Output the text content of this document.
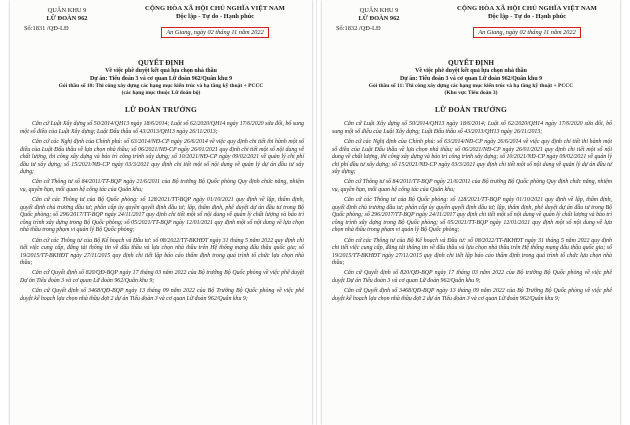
QUÂN KHU 9
LỮ ĐOÀN 962
Số:1831 /QĐ-LĐ
CỘNG HÒA XÃ HỘI CHỦ NGHĨA VIỆT NAM
Độc lập - Tự do - Hạnh phúc
An Giang, ngày 02 tháng 11 năm 2022
QUYẾT ĐỊNH
Về việc phê duyệt kết quả lựa chọn nhà thầu
Dự án: Tiểu đoàn 3 và cơ quan Lữ đoàn 962/Quân khu 9
Gói thầu số 10: Thi công xây dựng các hạng mục kiến trúc và hạ tầng kỹ thuật + PCCC
(các hạng mục thuộc Lữ đoàn bộ)
LỮ ĐOÀN TRƯỞNG

Căn cứ Luật Xây dựng số 50/2014/QH13 ngày 18/6/2014; Luật số 62/2020/QH14 ngày 17/6/2020 sửa đổi, bổ sung một số điều của Luật Xây dựng; Luật Đấu thầu số 43/2013/QH13 ngày 26/11/2013;

Căn cứ các Nghị định của Chính phủ: số 63/2014/NĐ-CP ngày 26/6/2014 về việc quy định chi tiết thi hành một số điều của Luật Đấu thầu về lựa chọn nhà thầu; số 06/2021/NĐ-CP ngày 26/01/2021 quy định chi tiết một số nội dung về chất lượng, thi công xây dựng và bảo trì công trình xây dựng; số 10/2021/NĐ-CP ngày 09/02/2021 về quản lý chi phí đầu tư xây dựng; số 15/2021/NĐ-CP ngày 03/3/2021 quy định chi tiết một số nội dung về quản lý dự án đầu tư xây dựng;

Căn cứ Thông tư số 84/2011/TT-BQP ngày 21/6/2011 của Bộ trưởng Bộ Quốc phòng Quy định chức năng, nhiệm vụ, quyền hạn, mối quan hệ công tác của Quân khu;

Căn cứ các Thông tư của Bộ Quốc phòng: số 128/2021/TT-BQP ngày 01/10/2021 quy định về lập, thẩm định, quyết định chủ trương đầu tư; phân cấp ủy quyền quyết định đầu tư; lập, thẩm định, phê duyệt dự án đầu tư trong Bộ Quốc phòng; số 296/2017/TT-BQP ngày 24/11/2017 quy định chi tiết một số nội dung về quản lý chất lượng và bảo trì công trình xây dựng trong Bộ Quốc phòng; số 05/2021/TT-BQP ngày 12/01/2021 quy định một số nội dung về lựa chọn nhà thầu trong phạm vi quản lý Bộ Quốc phòng;

Căn cứ các Thông tư của Bộ Kế hoạch và Đầu tư: số 08/2022/TT-BKHĐT ngày 31 tháng 5 năm 2022 quy định chi tiết việc cung cấp, đăng tải thông tin về đấu thầu và lựa chọn nhà thầu trên Hệ thống mạng đấu thầu quốc gia; số 19/2015/TT-BKHĐT ngày 27/11/2015 quy định chi tiết lập báo cáo thẩm định trong quá trình tổ chức lựa chọn nhà thầu;

Căn cứ Quyết định số 820/QĐ-BQP ngày 17 tháng 03 năm 2022 của Bộ trưởng Bộ Quốc phòng về việc phê duyệt Dự án Tiểu đoàn 3 và cơ quan Lữ đoàn 962/Quân khu 9;

Căn cứ Quyết định số 3468/QĐ-BQP ngày 13 tháng 09 năm 2022 của Bộ Trưởng Bộ Quốc phòng về việc phê duyệt kế hoạch lựa chọn nhà thầu đợt 2 dự án Tiểu đoàn 3 và cơ quan Lữ đoàn 962/Quân khu 9;

QUÂN KHU 9
LỮ ĐOÀN 962
Số:1832 /QĐ-LĐ
CỘNG HÒA XÃ HỘI CHỦ NGHĨA VIỆT NAM
Độc lập - Tự do - Hạnh phúc
An Giang, ngày 02 tháng 11 năm 2022
QUYẾT ĐỊNH
Về việc phê duyệt kết quả lựa chọn nhà thầu
Dự án: Tiểu đoàn 3 và cơ quan Lữ đoàn 962/Quân khu 9
Gói thầu số 11: Thi công xây dựng các hạng mục kiến trúc và hạ tầng kỹ thuật + PCCC
(Khu vực Tiểu đoàn 3)
LỮ ĐOÀN TRƯỞNG

Căn cứ Luật Xây dựng số 50/2014/QH13 ngày 18/6/2014; Luật số 62/2020/QH14 ngày 17/6/2020 sửa đổi, bổ sung một số điều của Luật Xây dựng; Luật Đấu thầu số 43/2013/QH13 ngày 26/11/2013;

Căn cứ các Nghị định của Chính phủ: số 63/2014/NĐ-CP ngày 26/6/2014 về việc quy định chi tiết thi hành một số điều của Luật Đấu thầu về lựa chọn nhà thầu; số 06/2021/NĐ-CP ngày 26/01/2021 quy định chi tiết một số nội dung về chất lượng, thi công xây dựng và bảo trì công trình xây dựng; số 10/2021/NĐ-CP ngày 09/02/2021 về quản lý chi phí đầu tư xây dựng; số 15/2021/NĐ-CP ngày 03/3/2021 quy định chi tiết một số nội dung về quản lý dự án đầu tư xây dựng;

Căn cứ Thông tư số 84/2011/TT-BQP ngày 21/6/2011 của Bộ trưởng Bộ Quốc phòng Quy định chức năng, nhiệm vụ, quyền hạn, mối quan hệ công tác của Quân khu;

Căn cứ các Thông tư của Bộ Quốc phòng: số 128/2021/TT-BQP ngày 01/10/2021 quy định về lập, thẩm định, quyết định chủ trương đầu tư; phân cấp ủy quyền quyết định đầu tư; lập, thẩm định, phê duyệt dự án đầu tư trong Bộ Quốc phòng; số 296/2017/TT-BQP ngày 24/11/2017 quy định chi tiết một số nội dung về quản lý chất lượng và bảo trì công trình xây dựng trong Bộ Quốc phòng; số 05/2021/TT-BQP ngày 12/01/2021 quy định một số nội dung về lựa chọn nhà thầu trong phạm vi quản lý Bộ Quốc phòng;

Căn cứ các Thông tư của Bộ Kế hoạch và Đầu tư: số 08/2022/TT-BKHĐT ngày 31 tháng 5 năm 2022 quy định chi tiết việc cung cấp, đăng tải thông tin về đấu thầu và lựa chọn nhà thầu trên Hệ thống mạng đấu thầu quốc gia; số 19/2015/TT-BKHĐT ngày 27/11/2015 quy định chi tiết lập báo cáo thẩm định trong quá trình tổ chức lựa chọn nhà thầu;

Căn cứ Quyết định số 820/QĐ-BQP ngày 17 tháng 03 năm 2022 của Bộ trưởng Bộ Quốc phòng về việc phê duyệt Dự án Tiểu đoàn 3 và cơ quan Lữ đoàn 962/Quân khu 9;

Căn cứ Quyết định số 3468/QĐ-BQP ngày 13 tháng 09 năm 2022 của Bộ Trưởng Bộ Quốc phòng về việc phê duyệt kế hoạch lựa chọn nhà thầu đợt 2 dự án Tiểu đoàn 3 và cơ quan Lữ đoàn 962/Quân khu 9;
